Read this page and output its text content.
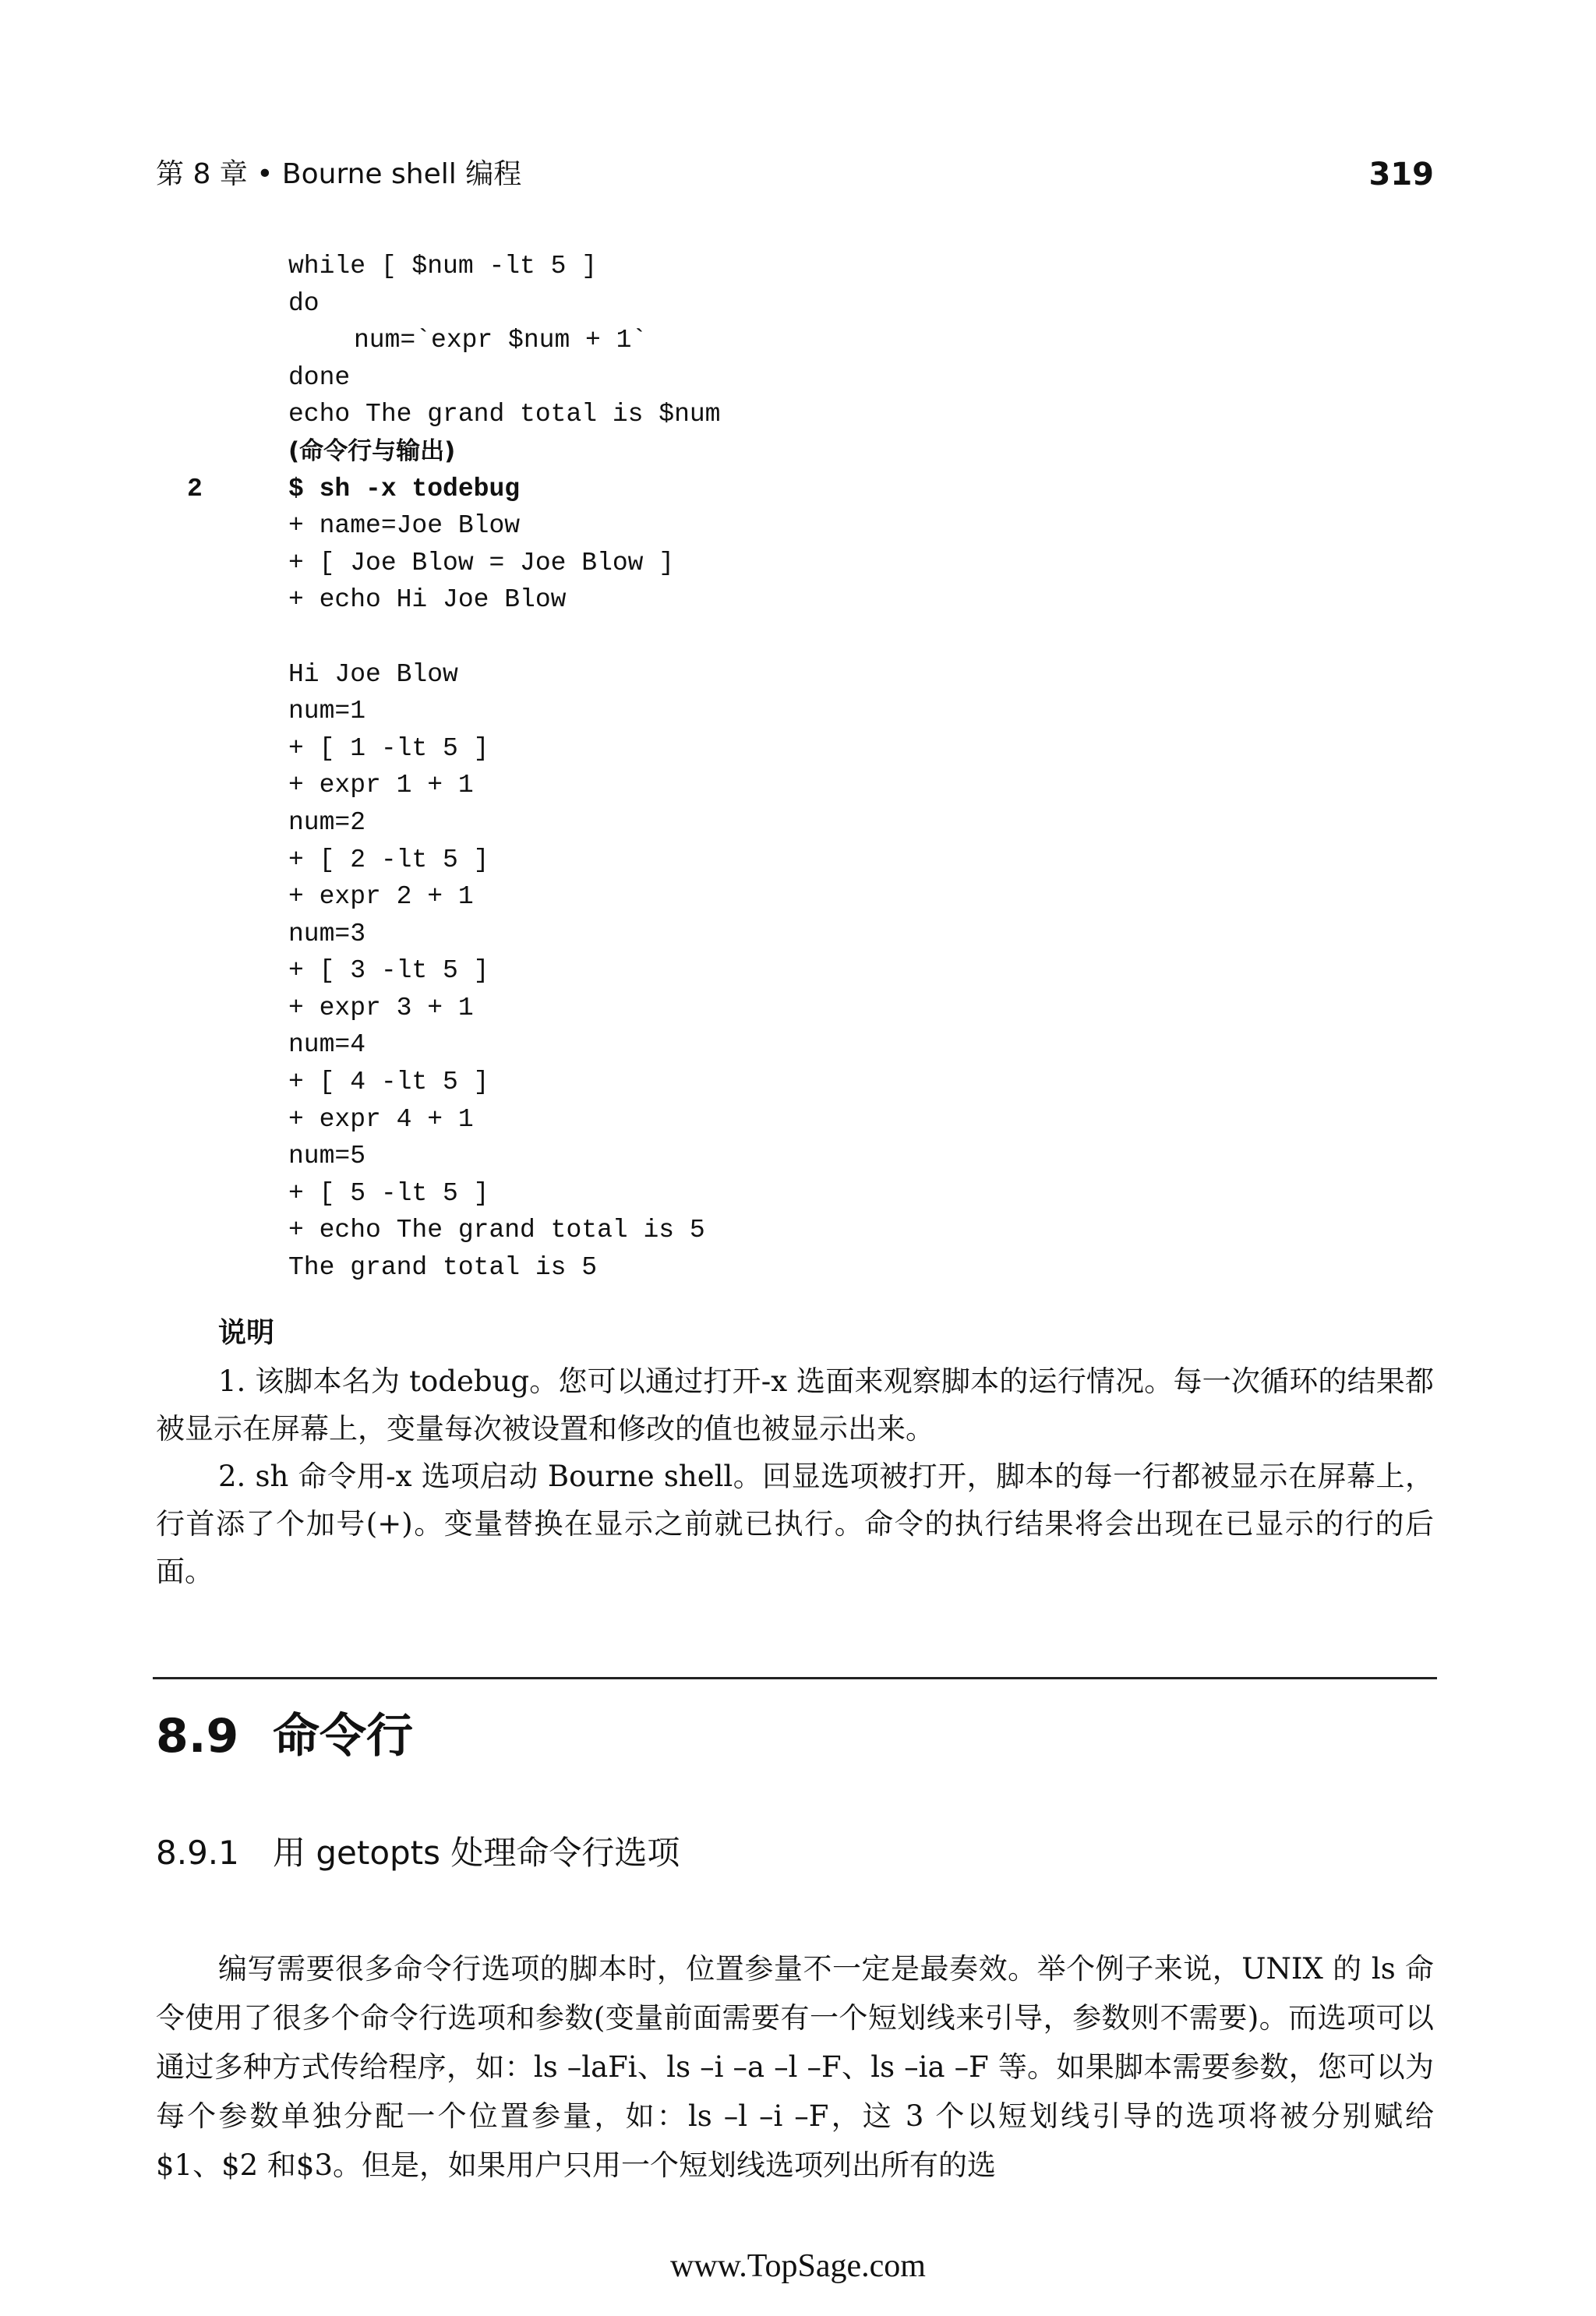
第 8 章 • Bourne shell 编程	319
while [ $num -lt 5 ]
do
num=`expr $num + 1`
done
echo The grand total is $num
(命令行与输出)
2	$ sh -x todebug
+ name=Joe Blow
+ [ Joe Blow = Joe Blow ]
+ echo Hi Joe Blow
Hi Joe Blow
num=1
+ [ 1 -lt 5 ]
+ expr 1 + 1
num=2
+ [ 2 -lt 5 ]
+ expr 2 + 1
num=3
+ [ 3 -lt 5 ]
+ expr 3 + 1
num=4
+ [ 4 -lt 5 ]
+ expr 4 + 1
num=5
+ [ 5 -lt 5 ]
+ echo The grand total is 5
The grand total is 5
说明

1. 该脚本名为 todebug。您可以通过打开-x 选面来观察脚本的运行情况。每一次循环的结果都被显示在屏幕上，变量每次被设置和修改的值也被显示出来。

2. sh 命令用-x 选项启动 Bourne shell。回显选项被打开，脚本的每一行都被显示在屏幕上，行首添了个加号(+)。变量替换在显示之前就已执行。命令的执行结果将会出现在已显示的行的后面。

8.9 命令行
8.9.1 用 getopts 处理命令行选项

编写需要很多命令行选项的脚本时，位置参量不一定是最奏效。举个例子来说，UNIX 的 ls 命令使用了很多个命令行选项和参数(变量前面需要有一个短划线来引导，参数则不需要)。而选项可以通过多种方式传给程序，如：ls –laFi、ls –i –a –l –F、ls –ia –F 等。如果脚本需要参数，您可以为每个参数单独分配一个位置参量，如：ls –l –i –F，这 3 个以短划线引导的选项将被分别赋给$1、$2 和$3。但是，如果用户只用一个短划线选项列出所有的选

www.TopSage.com
